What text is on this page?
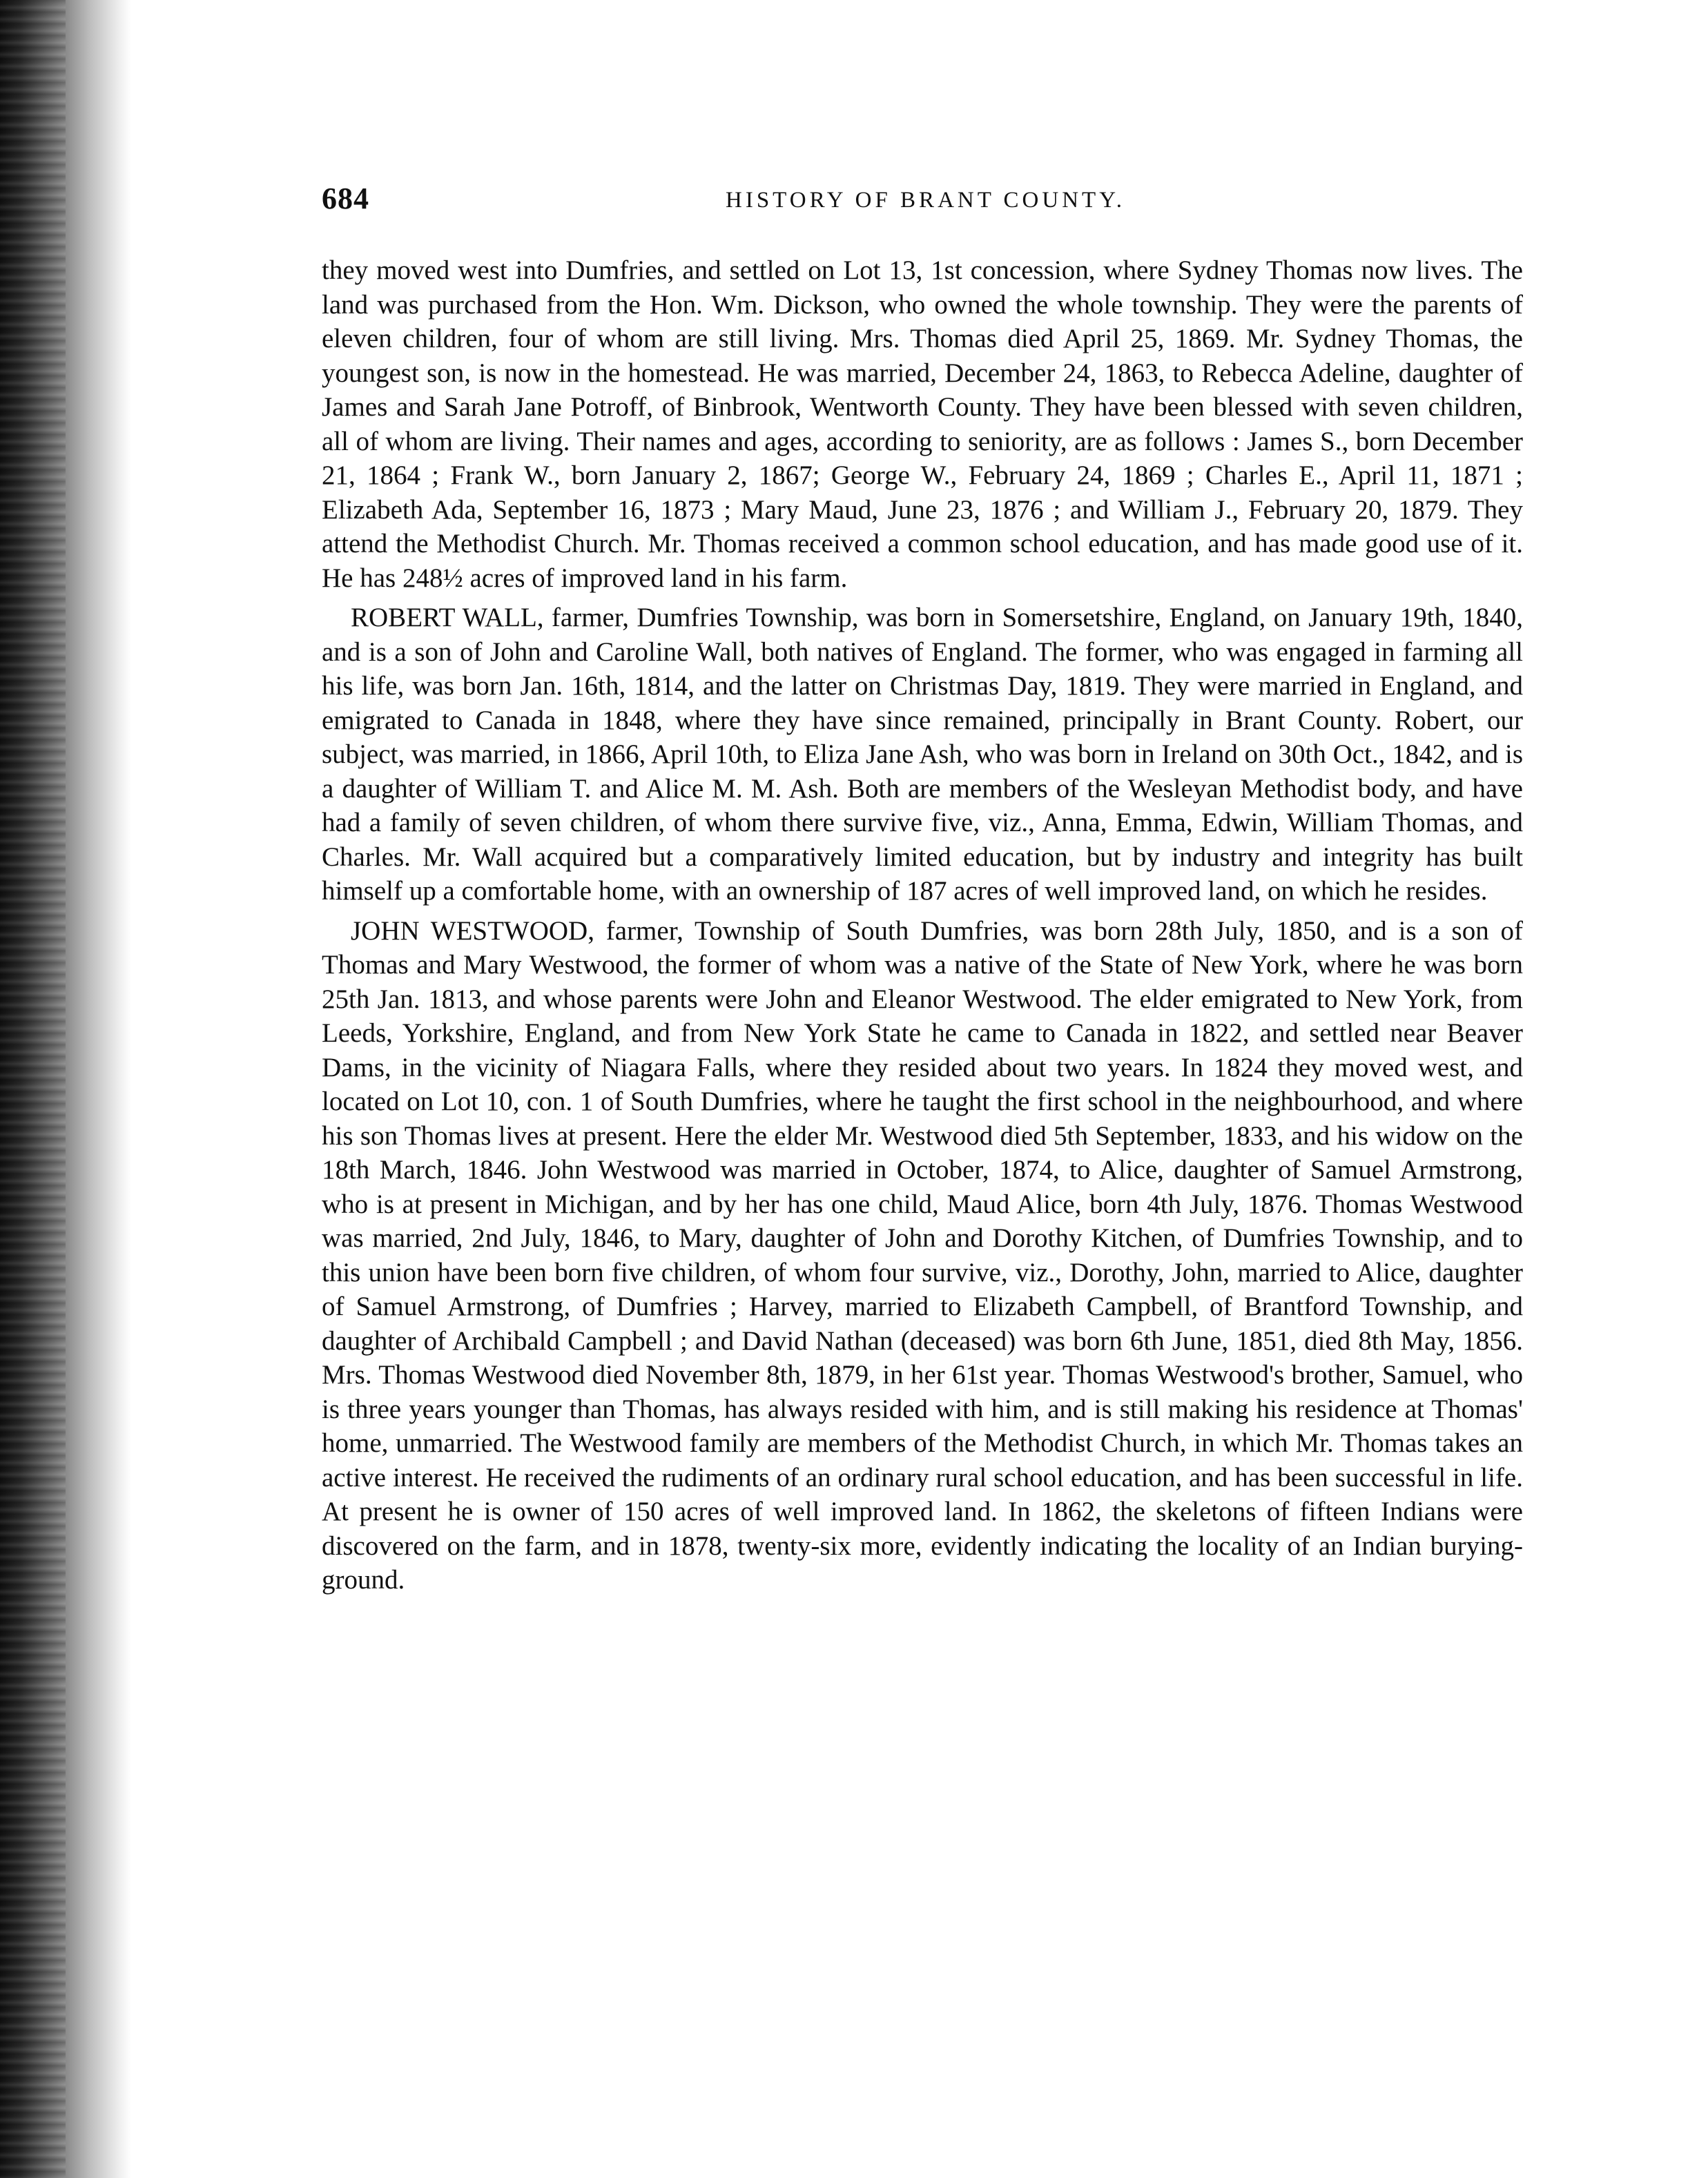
684	HISTORY OF BRANT COUNTY.

they moved west into Dumfries, and settled on Lot 13, 1st concession, where Sydney Thomas now lives. The land was purchased from the Hon. Wm. Dickson, who owned the whole township. They were the parents of eleven children, four of whom are still living. Mrs. Thomas died April 25, 1869. Mr. Sydney Thomas, the youngest son, is now in the homestead. He was married, December 24, 1863, to Rebecca Adeline, daughter of James and Sarah Jane Potroff, of Binbrook, Wentworth County. They have been blessed with seven children, all of whom are living. Their names and ages, according to seniority, are as follows : James S., born December 21, 1864 ; Frank W., born January 2, 1867; George W., February 24, 1869 ; Charles E., April 11, 1871 ; Elizabeth Ada, September 16, 1873 ; Mary Maud, June 23, 1876 ; and William J., February 20, 1879. They attend the Methodist Church. Mr. Thomas received a common school education, and has made good use of it. He has 248½ acres of improved land in his farm.

ROBERT WALL, farmer, Dumfries Township, was born in Somersetshire, England, on January 19th, 1840, and is a son of John and Caroline Wall, both natives of England. The former, who was engaged in farming all his life, was born Jan. 16th, 1814, and the latter on Christmas Day, 1819. They were married in England, and emigrated to Canada in 1848, where they have since remained, principally in Brant County. Robert, our subject, was married, in 1866, April 10th, to Eliza Jane Ash, who was born in Ireland on 30th Oct., 1842, and is a daughter of William T. and Alice M. M. Ash. Both are members of the Wesleyan Methodist body, and have had a family of seven children, of whom there survive five, viz., Anna, Emma, Edwin, William Thomas, and Charles. Mr. Wall acquired but a comparatively limited education, but by industry and integrity has built himself up a comfortable home, with an ownership of 187 acres of well improved land, on which he resides.

JOHN WESTWOOD, farmer, Township of South Dumfries, was born 28th July, 1850, and is a son of Thomas and Mary Westwood, the former of whom was a native of the State of New York, where he was born 25th Jan. 1813, and whose parents were John and Eleanor Westwood. The elder emigrated to New York, from Leeds, Yorkshire, England, and from New York State he came to Canada in 1822, and settled near Beaver Dams, in the vicinity of Niagara Falls, where they resided about two years. In 1824 they moved west, and located on Lot 10, con. 1 of South Dumfries, where he taught the first school in the neighbourhood, and where his son Thomas lives at present. Here the elder Mr. Westwood died 5th September, 1833, and his widow on the 18th March, 1846. John Westwood was married in October, 1874, to Alice, daughter of Samuel Armstrong, who is at present in Michigan, and by her has one child, Maud Alice, born 4th July, 1876. Thomas Westwood was married, 2nd July, 1846, to Mary, daughter of John and Dorothy Kitchen, of Dumfries Township, and to this union have been born five children, of whom four survive, viz., Dorothy, John, married to Alice, daughter of Samuel Armstrong, of Dumfries ; Harvey, married to Elizabeth Campbell, of Brantford Township, and daughter of Archibald Campbell ; and David Nathan (deceased) was born 6th June, 1851, died 8th May, 1856. Mrs. Thomas Westwood died November 8th, 1879, in her 61st year. Thomas Westwood's brother, Samuel, who is three years younger than Thomas, has always resided with him, and is still making his residence at Thomas' home, unmarried. The Westwood family are members of the Methodist Church, in which Mr. Thomas takes an active interest. He received the rudiments of an ordinary rural school education, and has been successful in life. At present he is owner of 150 acres of well improved land. In 1862, the skeletons of fifteen Indians were discovered on the farm, and in 1878, twenty-six more, evidently indicating the locality of an Indian burying-ground.
